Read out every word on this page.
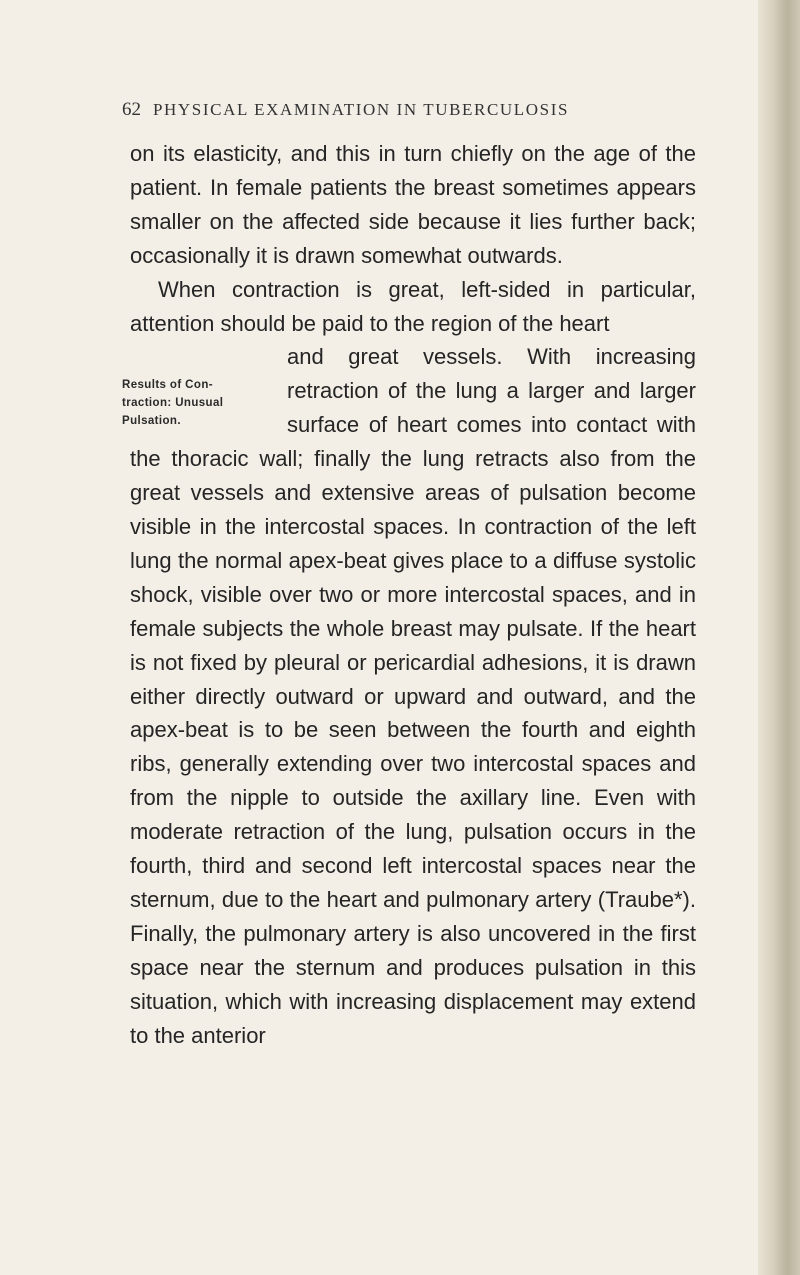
62 PHYSICAL EXAMINATION IN TUBERCULOSIS
Results of Con-traction: Unusual Pulsation.

on its elasticity, and this in turn chiefly on the age of the patient. In female patients the breast sometimes appears smaller on the affected side because it lies further back; occasionally it is drawn somewhat outwards.

When contraction is great, left-sided in particular, attention should be paid to the region of the heart

and great vessels. With increasing retraction of the lung a larger and larger surface of heart comes into contact with the thoracic wall; finally the lung retracts also from the great vessels and extensive areas of pulsation become visible in the intercostal spaces. In contraction of the left lung the normal apex-beat gives place to a diffuse systolic shock, visible over two or more intercostal spaces, and in female subjects the whole breast may pulsate. If the heart is not fixed by pleural or pericardial adhesions, it is drawn either directly outward or upward and outward, and the apex-beat is to be seen between the fourth and eighth ribs, generally extending over two intercostal spaces and from the nipple to outside the axillary line. Even with moderate retraction of the lung, pulsation occurs in the fourth, third and second left intercostal spaces near the sternum, due to the heart and pulmonary artery (Traube*). Finally, the pulmonary artery is also uncovered in the first space near the sternum and produces pulsation in this situation, which with increasing displacement may extend to the anterior
